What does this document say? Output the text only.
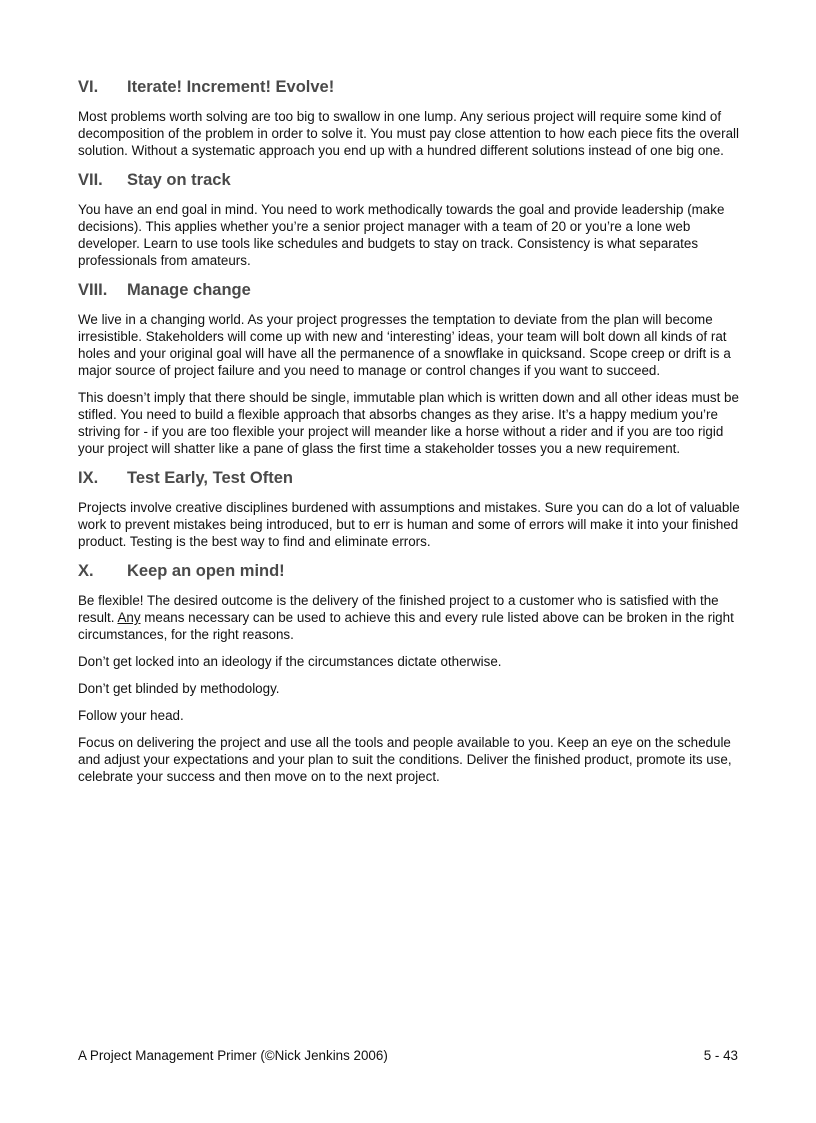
VI.	Iterate! Increment! Evolve!

Most problems worth solving are too big to swallow in one lump. Any serious project will require some kind of decomposition of the problem in order to solve it. You must pay close attention to how each piece fits the overall solution. Without a systematic approach you end up with a hundred different solutions instead of one big one.

VII.	Stay on track

You have an end goal in mind. You need to work methodically towards the goal and provide leadership (make decisions). This applies whether you’re a senior project manager with a team of 20 or you’re a lone web developer. Learn to use tools like schedules and budgets to stay on track. Consistency is what separates professionals from amateurs.

VIII.	Manage change

We live in a changing world. As your project progresses the temptation to deviate from the plan will become irresistible. Stakeholders will come up with new and ‘interesting’ ideas, your team will bolt down all kinds of rat holes and your original goal will have all the permanence of a snowflake in quicksand. Scope creep or drift is a major source of project failure and you need to manage or control changes if you want to succeed.

This doesn’t imply that there should be single, immutable plan which is written down and all other ideas must be stifled. You need to build a flexible approach that absorbs changes as they arise. It’s a happy medium you’re striving for - if you are too flexible your project will meander like a horse without a rider and if you are too rigid your project will shatter like a pane of glass the first time a stakeholder tosses you a new requirement.

IX.	Test Early, Test Often

Projects involve creative disciplines burdened with assumptions and mistakes. Sure you can do a lot of valuable work to prevent mistakes being introduced, but to err is human and some of errors will make it into your finished product. Testing is the best way to find and eliminate errors.

X.	Keep an open mind!

Be flexible! The desired outcome is the delivery of the finished project to a customer who is satisfied with the result. Any means necessary can be used to achieve this and every rule listed above can be broken in the right circumstances, for the right reasons.

Don’t get locked into an ideology if the circumstances dictate otherwise.

Don’t get blinded by methodology.

Follow your head.

Focus on delivering the project and use all the tools and people available to you. Keep an eye on the schedule and adjust your expectations and your plan to suit the conditions. Deliver the finished product, promote its use, celebrate your success and then move on to the next project.

A Project Management Primer (©Nick Jenkins 2006)	5 - 43
